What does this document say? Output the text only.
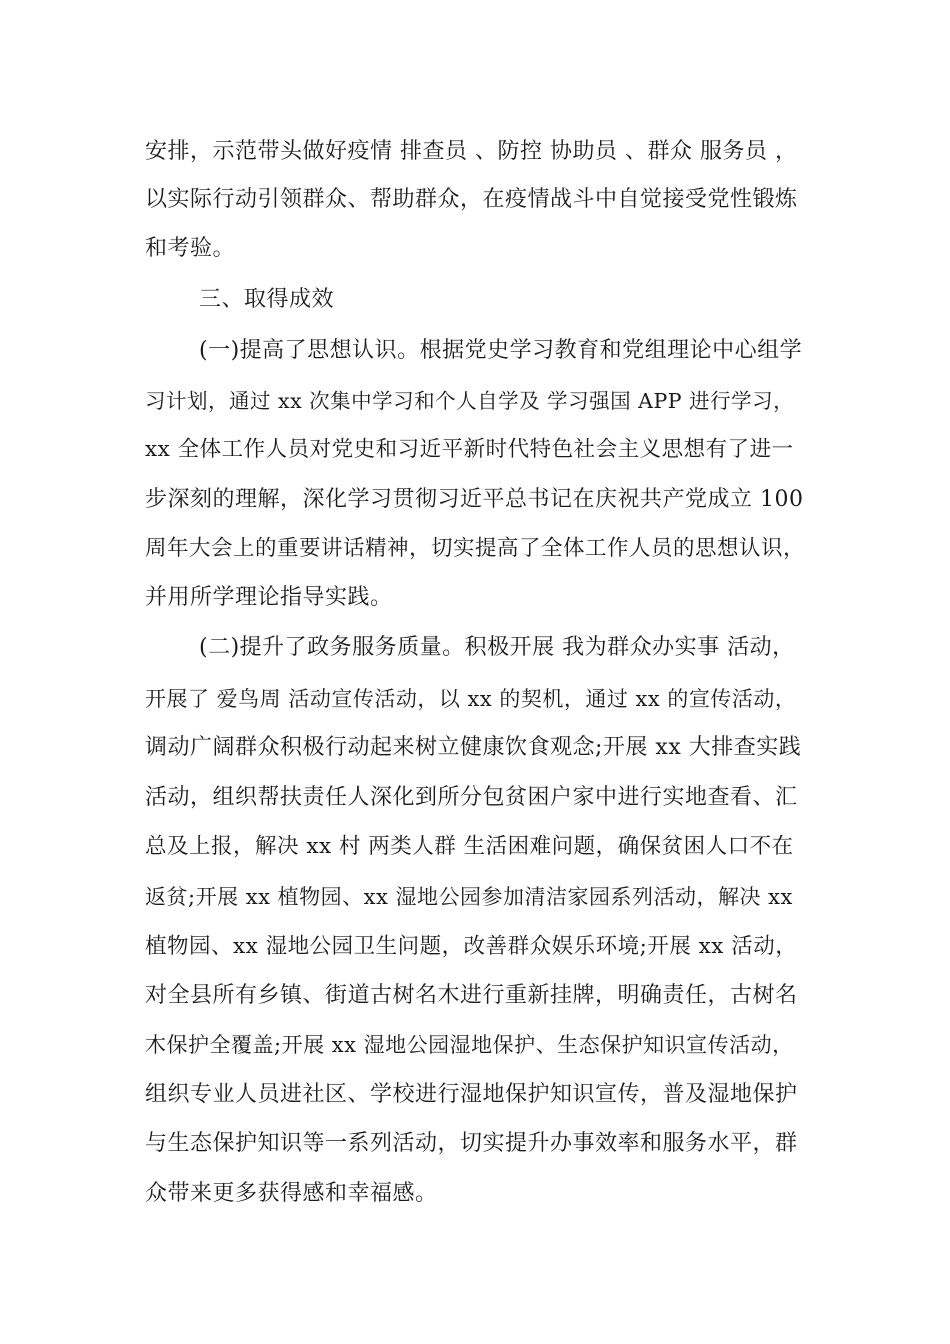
安排，示范带头做好疫情 排查员 、防控 协助员 、群众 服务员 ，
以实际行动引领群众、帮助群众，在疫情战斗中自觉接受党性锻炼
和考验。
三、取得成效
(一)提高了思想认识。根据党史学习教育和党组理论中心组学
习计划，通过 xx 次集中学习和个人自学及 学习强国 APP 进行学习，
xx 全体工作人员对党史和习近平新时代特色社会主义思想有了进一
步深刻的理解，深化学习贯彻习近平总书记在庆祝共产党成立 100
周年大会上的重要讲话精神，切实提高了全体工作人员的思想认识，
并用所学理论指导实践。
(二)提升了政务服务质量。积极开展 我为群众办实事 活动，
开展了 爱鸟周 活动宣传活动，以 xx 的契机，通过 xx 的宣传活动，
调动广阔群众积极行动起来树立健康饮食观念;开展 xx 大排查实践
活动，组织帮扶责任人深化到所分包贫困户家中进行实地查看、汇
总及上报，解决 xx 村 两类人群 生活困难问题，确保贫困人口不在
返贫;开展 xx 植物园、xx 湿地公园参加清洁家园系列活动，解决 xx
植物园、xx 湿地公园卫生问题，改善群众娱乐环境;开展 xx 活动，
对全县所有乡镇、街道古树名木进行重新挂牌，明确责任，古树名
木保护全覆盖;开展 xx 湿地公园湿地保护、生态保护知识宣传活动，
组织专业人员进社区、学校进行湿地保护知识宣传，普及湿地保护
与生态保护知识等一系列活动，切实提升办事效率和服务水平，群
众带来更多获得感和幸福感。
